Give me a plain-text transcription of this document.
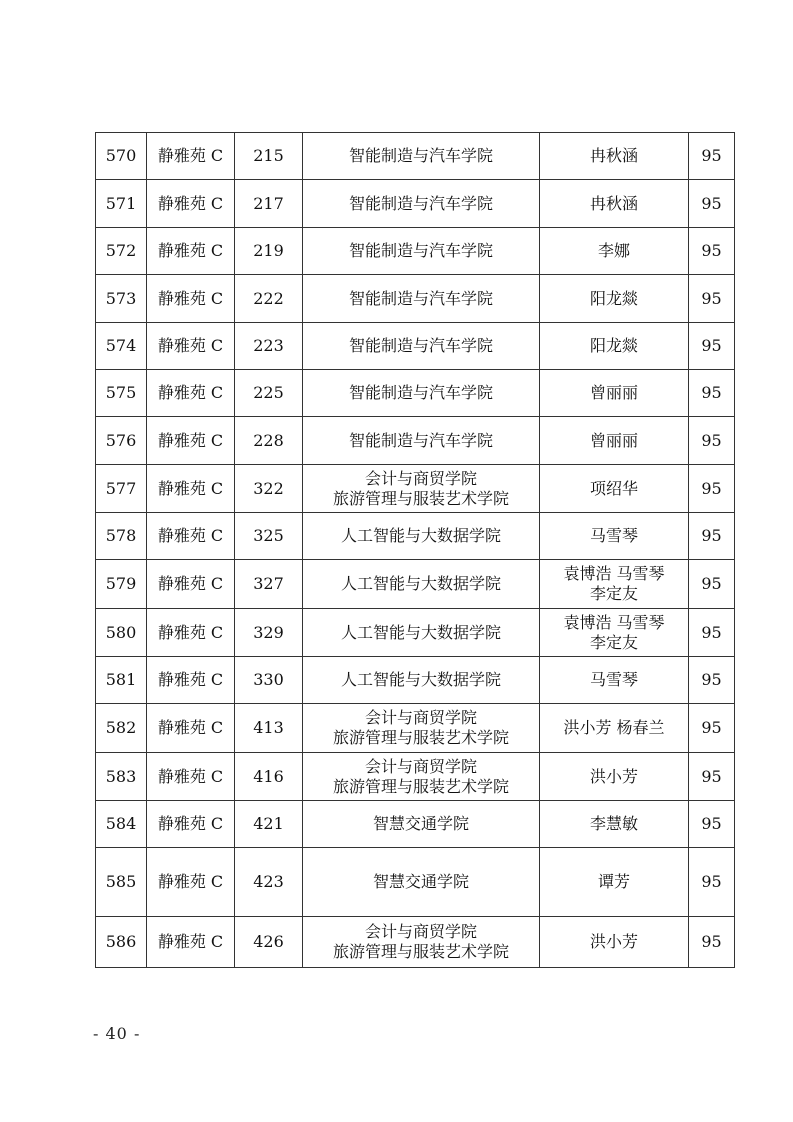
570	静雅苑 C	215	智能制造与汽车学院	冉秋涵	95
571	静雅苑 C	217	智能制造与汽车学院	冉秋涵	95
572	静雅苑 C	219	智能制造与汽车学院	李娜	95
573	静雅苑 C	222	智能制造与汽车学院	阳龙燚	95
574	静雅苑 C	223	智能制造与汽车学院	阳龙燚	95
575	静雅苑 C	225	智能制造与汽车学院	曾丽丽	95
576	静雅苑 C	228	智能制造与汽车学院	曾丽丽	95
577	静雅苑 C	322	会计与商贸学院
旅游管理与服装艺术学院	项绍华	95
578	静雅苑 C	325	人工智能与大数据学院	马雪琴	95
579	静雅苑 C	327	人工智能与大数据学院	袁博浩 马雪琴
李定友	95
580	静雅苑 C	329	人工智能与大数据学院	袁博浩 马雪琴
李定友	95
581	静雅苑 C	330	人工智能与大数据学院	马雪琴	95
582	静雅苑 C	413	会计与商贸学院
旅游管理与服装艺术学院	洪小芳 杨春兰	95
583	静雅苑 C	416	会计与商贸学院
旅游管理与服装艺术学院	洪小芳	95
584	静雅苑 C	421	智慧交通学院	李慧敏	95
585	静雅苑 C	423	智慧交通学院	谭芳	95
586	静雅苑 C	426	会计与商贸学院
旅游管理与服装艺术学院	洪小芳	95
- 40 -
